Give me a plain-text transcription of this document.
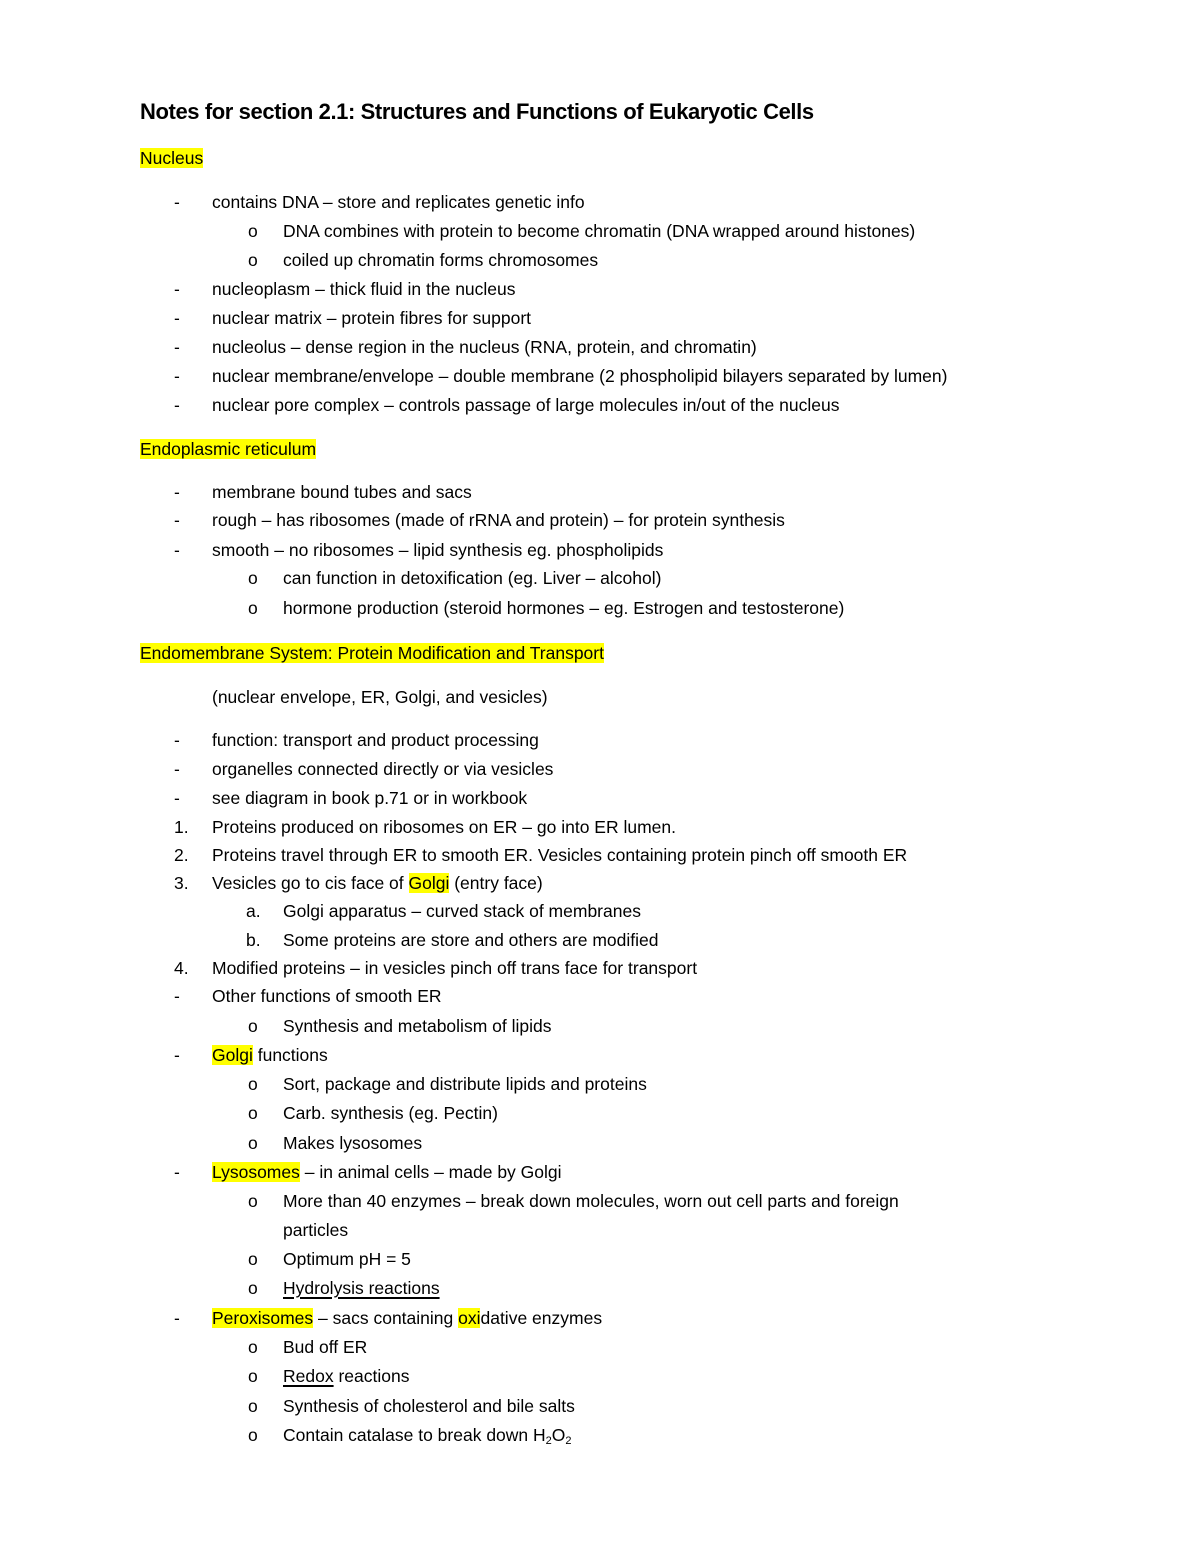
Notes for section 2.1: Structures and Functions of Eukaryotic Cells
Nucleus
- contains DNA – store and replicates genetic info
o DNA combines with protein to become chromatin (DNA wrapped around histones)
o coiled up chromatin forms chromosomes
- nucleoplasm – thick fluid in the nucleus
- nuclear matrix – protein fibres for support
- nucleolus – dense region in the nucleus (RNA, protein, and chromatin)
- nuclear membrane/envelope – double membrane (2 phospholipid bilayers separated by lumen)
- nuclear pore complex – controls passage of large molecules in/out of the nucleus
Endoplasmic reticulum
- membrane bound tubes and sacs
- rough – has ribosomes (made of rRNA and protein) – for protein synthesis
- smooth – no ribosomes – lipid synthesis eg. phospholipids
o can function in detoxification (eg. Liver – alcohol)
o hormone production (steroid hormones – eg. Estrogen and testosterone)
Endomembrane System: Protein Modification and Transport
(nuclear envelope, ER, Golgi, and vesicles)
- function: transport and product processing
- organelles connected directly or via vesicles
- see diagram in book p.71 or in workbook
1. Proteins produced on ribosomes on ER – go into ER lumen.
2. Proteins travel through ER to smooth ER. Vesicles containing protein pinch off smooth ER
3. Vesicles go to cis face of Golgi (entry face)
a. Golgi apparatus – curved stack of membranes
b. Some proteins are store and others are modified
4. Modified proteins – in vesicles pinch off trans face for transport
- Other functions of smooth ER
o Synthesis and metabolism of lipids
- Golgi functions
o Sort, package and distribute lipids and proteins
o Carb. synthesis (eg. Pectin)
o Makes lysosomes
- Lysosomes – in animal cells – made by Golgi
o More than 40 enzymes – break down molecules, worn out cell parts and foreign
particles
o Optimum pH = 5
o Hydrolysis reactions
- Peroxisomes – sacs containing oxidative enzymes
o Bud off ER
o Redox reactions
o Synthesis of cholesterol and bile salts
o Contain catalase to break down $H_2O_2$
